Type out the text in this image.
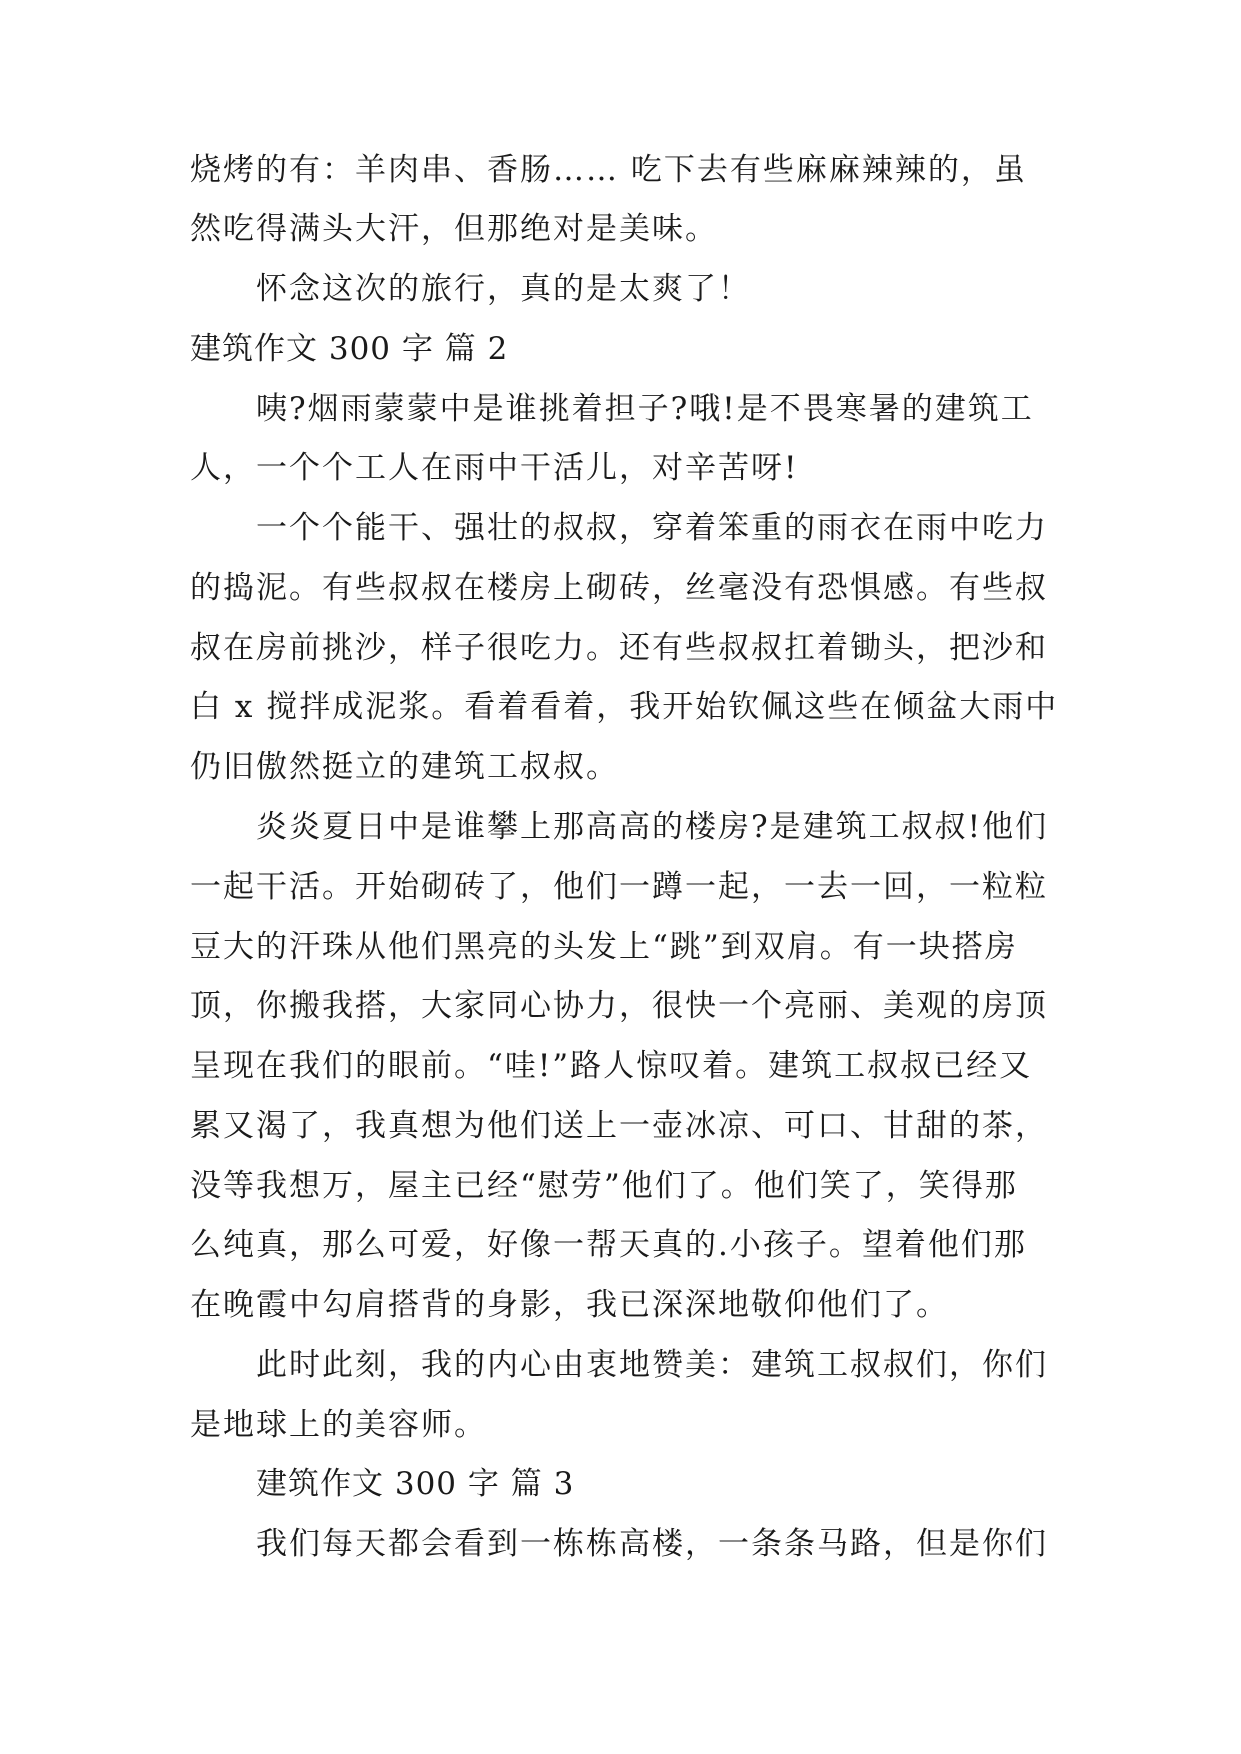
烧烤的有：羊肉串、香肠…… 吃下去有些麻麻辣辣的，虽
然吃得满头大汗，但那绝对是美味。
怀念这次的旅行，真的是太爽了！
建筑作文 300 字 篇 2
咦?烟雨蒙蒙中是谁挑着担子?哦!是不畏寒暑的建筑工
人，一个个工人在雨中干活儿，对辛苦呀!
一个个能干、强壮的叔叔，穿着笨重的雨衣在雨中吃力
的捣泥。有些叔叔在楼房上砌砖，丝毫没有恐惧感。有些叔
叔在房前挑沙，样子很吃力。还有些叔叔扛着锄头，把沙和
白 x 搅拌成泥浆。看着看着，我开始钦佩这些在倾盆大雨中
仍旧傲然挺立的建筑工叔叔。
炎炎夏日中是谁攀上那高高的楼房?是建筑工叔叔!他们
一起干活。开始砌砖了，他们一蹲一起，一去一回，一粒粒
豆大的汗珠从他们黑亮的头发上“跳”到双肩。有一块搭房
顶，你搬我搭，大家同心协力，很快一个亮丽、美观的房顶
呈现在我们的眼前。“哇!”路人惊叹着。建筑工叔叔已经又
累又渴了，我真想为他们送上一壶冰凉、可口、甘甜的茶，
没等我想万，屋主已经“慰劳”他们了。他们笑了，笑得那
么纯真，那么可爱，好像一帮天真的.小孩子。望着他们那
在晚霞中勾肩搭背的身影，我已深深地敬仰他们了。
此时此刻，我的内心由衷地赞美：建筑工叔叔们，你们
是地球上的美容师。
建筑作文 300 字 篇 3
我们每天都会看到一栋栋高楼，一条条马路，但是你们
